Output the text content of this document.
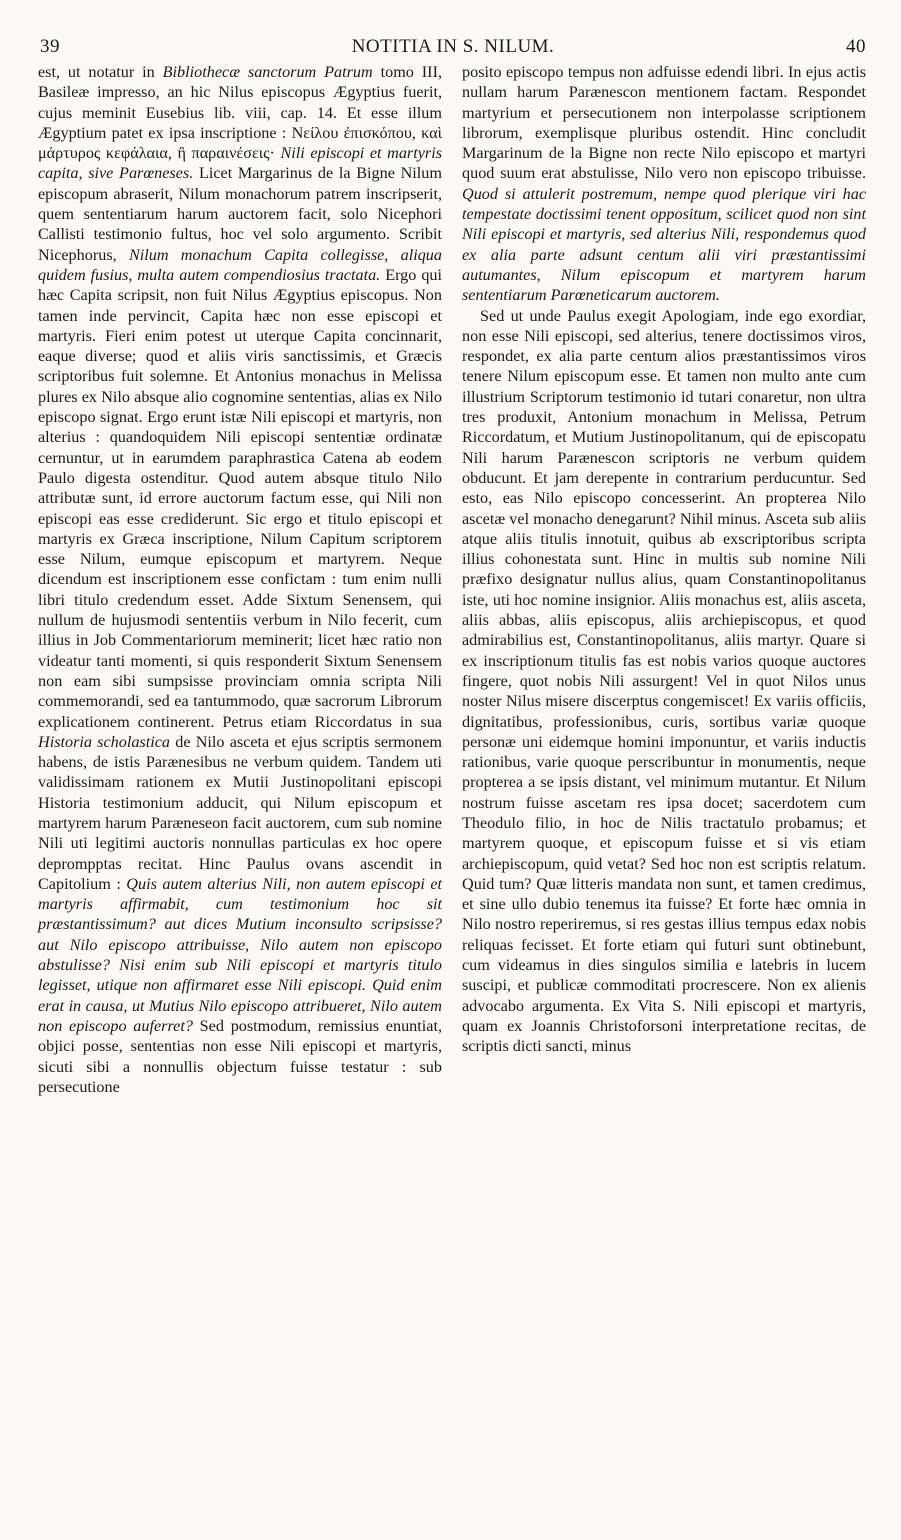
39	NOTITIA IN S. NILUM.	40

est, ut notatur in Bibliothecæ sanctorum Patrum tomo III, Basileæ impresso, an hic Nilus episcopus Ægyptius fuerit, cujus meminit Eusebius lib. viii, cap. 14. Et esse illum Ægyptium patet ex ipsa inscriptione : Νείλου ἐπισκόπου, καὶ μάρτυρος κεφάλαια, ἢ παραινέσεις· Nili episcopi et martyris capita, sive Parœneses. Licet Margarinus de la Bigne Nilum episcopum abraserit, Nilum monachorum patrem inscripserit, quem sententiarum harum auctorem facit, solo Nicephori Callisti testimonio fultus, hoc vel solo argumento. Scribit Nicephorus, Nilum monachum Capita collegisse, aliqua quidem fusius, multa autem compendiosius tractata. Ergo qui hæc Capita scripsit, non fuit Nilus Ægyptius episcopus. Non tamen inde pervincit, Capita hæc non esse episcopi et martyris. Fieri enim potest ut uterque Capita concinnarit, eaque diverse; quod et aliis viris sanctissimis, et Græcis scriptoribus fuit solemne. Et Antonius monachus in Melissa plures ex Nilo absque alio cognomine sententias, alias ex Nilo episcopo signat. Ergo erunt istæ Nili episcopi et martyris, non alterius : quandoquidem Nili episcopi sententiæ ordinatæ cernuntur, ut in earumdem paraphrastica Catena ab eodem Paulo digesta ostenditur. Quod autem absque titulo Nilo attributæ sunt, id errore auctorum factum esse, qui Nili non episcopi eas esse crediderunt. Sic ergo et titulo episcopi et martyris ex Græca inscriptione, Nilum Capitum scriptorem esse Nilum, eumque episcopum et martyrem. Neque dicendum est inscriptionem esse confictam : tum enim nulli libri titulo credendum esset. Adde Sixtum Senensem, qui nullum de hujusmodi sententiis verbum in Nilo fecerit, cum illius in Job Commentariorum meminerit; licet hæc ratio non videatur tanti momenti, si quis responderit Sixtum Senensem non eam sibi sumpsisse provinciam omnia scripta Nili commemorandi, sed ea tantummodo, quæ sacrorum Librorum explicationem continerent. Petrus etiam Riccordatus in sua Historia scholastica de Nilo asceta et ejus scriptis sermonem habens, de istis Parænesibus ne verbum quidem. Tandem uti validissimam rationem ex Mutii Justinopolitani episcopi Historia testimonium adducit, qui Nilum episcopum et martyrem harum Paræneseon facit auctorem, cum sub nomine Nili uti legitimi auctoris nonnullas particulas ex hoc opere deprompptas recitat. Hinc Paulus ovans ascendit in Capitolium : Quis autem alterius Nili, non autem episcopi et martyris affirmabit, cum testimonium hoc sit præstantissimum? aut dices Mutium inconsulto scripsisse? aut Nilo episcopo attribuisse, Nilo autem non episcopo abstulisse? Nisi enim sub Nili episcopi et martyris titulo legisset, utique non affirmaret esse Nili episcopi. Quid enim erat in causa, ut Mutius Nilo episcopo attribueret, Nilo autem non episcopo auferret? Sed postmodum, remissius enuntiat, objici posse, sententias non esse Nili episcopi et martyris, sicuti sibi a nonnullis objectum fuisse testatur : sub persecutione

posito episcopo tempus non adfuisse edendi libri. In ejus actis nullam harum Parænescon mentionem factam. Respondet martyrium et persecutionem non interpolasse scriptionem librorum, exemplisque pluribus ostendit. Hinc concludit Margarinum de la Bigne non recte Nilo episcopo et martyri quod suum erat abstulisse, Nilo vero non episcopo tribuisse. Quod si attulerit postremum, nempe quod plerique viri hac tempestate doctissimi tenent oppositum, scilicet quod non sint Nili episcopi et martyris, sed alterius Nili, respondemus quod ex alia parte adsunt centum alii viri præstantissimi autumantes, Nilum episcopum et martyrem harum sententiarum Parœneticarum auctorem.

Sed ut unde Paulus exegit Apologiam, inde ego exordiar, non esse Nili episcopi, sed alterius, tenere doctissimos viros, respondet, ex alia parte centum alios præstantissimos viros tenere Nilum episcopum esse. Et tamen non multo ante cum illustrium Scriptorum testimonio id tutari conaretur, non ultra tres produxit, Antonium monachum in Melissa, Petrum Riccordatum, et Mutium Justinopolitanum, qui de episcopatu Nili harum Parænescon scriptoris ne verbum quidem obducunt. Et jam derepente in contrarium perducuntur. Sed esto, eas Nilo episcopo concesserint. An propterea Nilo ascetæ vel monacho denegarunt? Nihil minus. Asceta sub aliis atque aliis titulis innotuit, quibus ab exscriptoribus scripta illius cohonestata sunt. Hinc in multis sub nomine Nili præfixo designatur nullus alius, quam Constantinopolitanus iste, uti hoc nomine insignior. Aliis monachus est, aliis asceta, aliis abbas, aliis episcopus, aliis archiepiscopus, et quod admirabilius est, Constantinopolitanus, aliis martyr. Quare si ex inscriptionum titulis fas est nobis varios quoque auctores fingere, quot nobis Nili assurgent! Vel in quot Nilos unus noster Nilus misere discerptus congemiscet! Ex variis officiis, dignitatibus, professionibus, curis, sortibus variæ quoque personæ uni eidemque homini imponuntur, et variis inductis rationibus, varie quoque perscribuntur in monumentis, neque propterea a se ipsis distant, vel minimum mutantur. Et Nilum nostrum fuisse ascetam res ipsa docet; sacerdotem cum Theodulo filio, in hoc de Nilis tractatulo probamus; et martyrem quoque, et episcopum fuisse et si vis etiam archiepiscopum, quid vetat? Sed hoc non est scriptis relatum. Quid tum? Quæ litteris mandata non sunt, et tamen credimus, et sine ullo dubio tenemus ita fuisse? Et forte hæc omnia in Nilo nostro reperiremus, si res gestas illius tempus edax nobis reliquas fecisset. Et forte etiam qui futuri sunt obtinebunt, cum videamus in dies singulos similia e latebris in lucem suscipi, et publicæ commoditati procrescere. Non ex alienis advocabo argumenta. Ex Vita S. Nili episcopi et martyris, quam ex Joannis Christoforsoni interpretatione recitas, de scriptis dicti sancti, minus
